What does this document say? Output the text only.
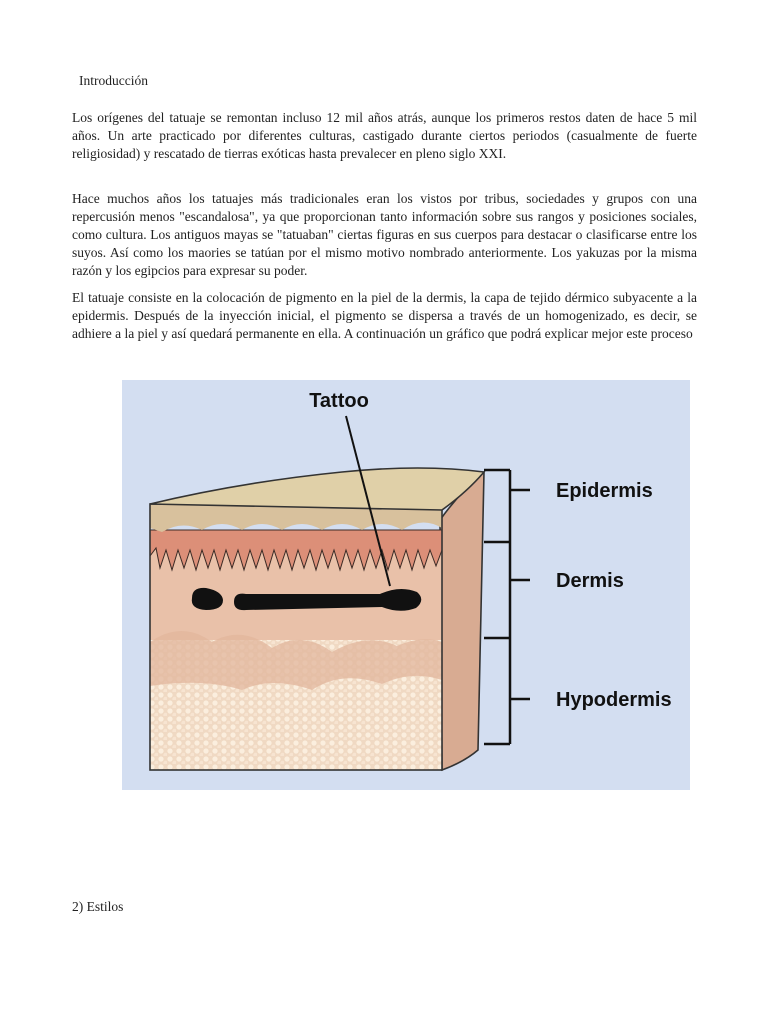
Introducción

Los orígenes del tatuaje se remontan incluso 12 mil años atrás, aunque los primeros restos daten de hace 5 mil años. Un arte practicado por diferentes culturas, castigado durante ciertos periodos (casualmente de fuerte religiosidad) y rescatado de tierras exóticas hasta prevalecer en pleno siglo XXI.

Hace muchos años los tatuajes más tradicionales eran los vistos por tribus, sociedades y grupos con una repercusión menos "escandalosa", ya que proporcionan tanto información sobre sus rangos y posiciones sociales, como cultura. Los antiguos mayas se "tatuaban" ciertas figuras en sus cuerpos para destacar o clasificarse entre los suyos. Así como los maories se tatúan por el mismo motivo nombrado anteriormente. Los yakuzas por la misma razón y los egipcios para expresar su poder.

El tatuaje consiste en la colocación de pigmento en la piel de la dermis, la capa de tejido dérmico subyacente a la epidermis. Después de la inyección inicial, el pigmento se dispersa a través de un homogenizado, es decir, se adhiere a la piel y así quedará permanente en ella. A continuación un gráfico que podrá explicar mejor este proceso

Tattoo
Epidermis
Dermis
Hypodermis
2) Estilos
